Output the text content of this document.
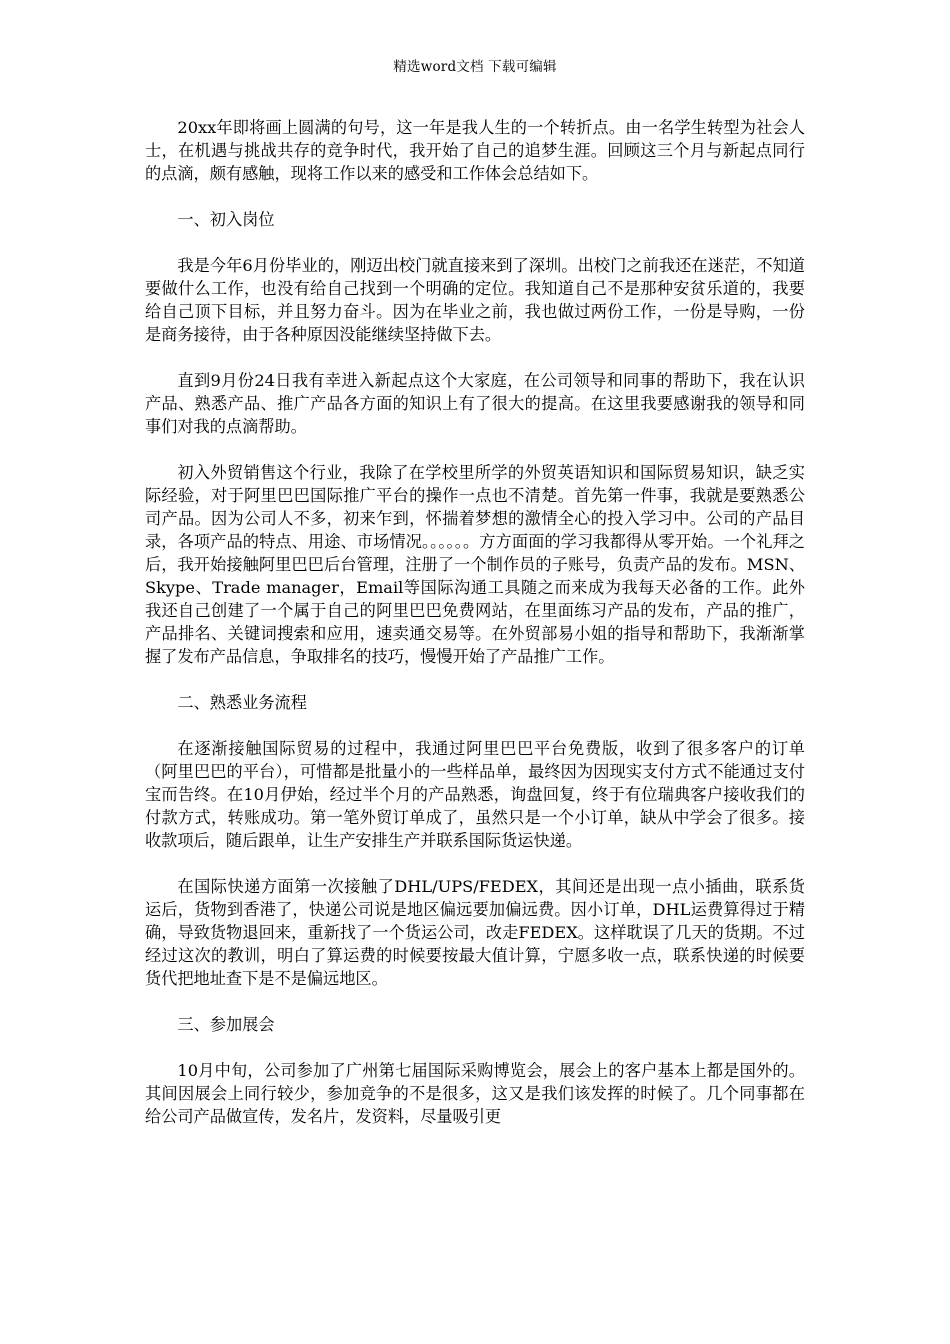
精选word文档 下载可编辑

20xx年即将画上圆满的句号，这一年是我人生的一个转折点。由一名学生转型为社会人士，在机遇与挑战共存的竞争时代，我开始了自己的追梦生涯。回顾这三个月与新起点同行的点滴，颇有感触，现将工作以来的感受和工作体会总结如下。

一、初入岗位

我是今年6月份毕业的，刚迈出校门就直接来到了深圳。出校门之前我还在迷茫，不知道要做什么工作，也没有给自己找到一个明确的定位。我知道自己不是那种安贫乐道的，我要给自己顶下目标，并且努力奋斗。因为在毕业之前，我也做过两份工作，一份是导购，一份是商务接待，由于各种原因没能继续坚持做下去。

直到9月份24日我有幸进入新起点这个大家庭，在公司领导和同事的帮助下，我在认识产品、熟悉产品、推广产品各方面的知识上有了很大的提高。在这里我要感谢我的领导和同事们对我的点滴帮助。

初入外贸销售这个行业，我除了在学校里所学的外贸英语知识和国际贸易知识，缺乏实际经验，对于阿里巴巴国际推广平台的操作一点也不清楚。首先第一件事，我就是要熟悉公司产品。因为公司人不多，初来乍到，怀揣着梦想的激情全心的投入学习中。公司的产品目录，各项产品的特点、用途、市场情况。。。。。。方方面面的学习我都得从零开始。一个礼拜之后，我开始接触阿里巴巴后台管理，注册了一个制作员的子账号，负责产品的发布。MSN、Skype、Trade manager，Email等国际沟通工具随之而来成为我每天必备的工作。此外我还自己创建了一个属于自己的阿里巴巴免费网站，在里面练习产品的发布，产品的推广，产品排名、关键词搜索和应用，速卖通交易等。在外贸部易小姐的指导和帮助下，我渐渐掌握了发布产品信息，争取排名的技巧，慢慢开始了产品推广工作。

二、熟悉业务流程

在逐渐接触国际贸易的过程中，我通过阿里巴巴平台免费版，收到了很多客户的订单（阿里巴巴的平台），可惜都是批量小的一些样品单，最终因为因现实支付方式不能通过支付宝而告终。在10月伊始，经过半个月的产品熟悉，询盘回复，终于有位瑞典客户接收我们的付款方式，转账成功。第一笔外贸订单成了，虽然只是一个小订单，缺从中学会了很多。接收款项后，随后跟单，让生产安排生产并联系国际货运快递。

在国际快递方面第一次接触了DHL/UPS/FEDEX，其间还是出现一点小插曲，联系货运后，货物到香港了，快递公司说是地区偏远要加偏远费。因小订单，DHL运费算得过于精确，导致货物退回来，重新找了一个货运公司，改走FEDEX。这样耽误了几天的货期。不过经过这次的教训，明白了算运费的时候要按最大值计算，宁愿多收一点，联系快递的时候要货代把地址查下是不是偏远地区。

三、参加展会

10月中旬，公司参加了广州第七届国际采购博览会，展会上的客户基本上都是国外的。其间因展会上同行较少，参加竞争的不是很多，这又是我们该发挥的时候了。几个同事都在给公司产品做宣传，发名片，发资料，尽量吸引更
